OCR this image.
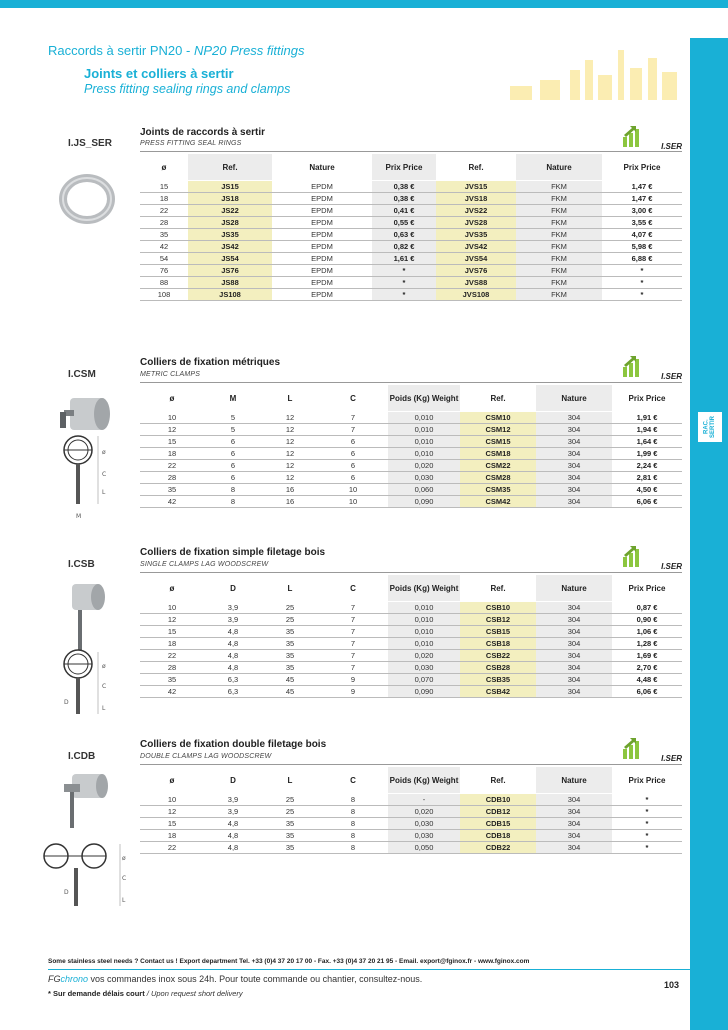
RAC. SERTIR
Raccords à sertir PN20 - NP20 Press fittings
Joints et colliers à sertir
Press fitting sealing rings and clamps
I.JS_SER
Joints de raccords à sertir
PRESS FITTING SEAL RINGS	I.SER
ø	Ref.	Nature	Prix Price	Ref.	Nature	Prix Price
15	JS15	EPDM	0,38 €	JVS15	FKM	1,47 €
18	JS18	EPDM	0,38 €	JVS18	FKM	1,47 €
22	JS22	EPDM	0,41 €	JVS22	FKM	3,00 €
28	JS28	EPDM	0,55 €	JVS28	FKM	3,55 €
35	JS35	EPDM	0,63 €	JVS35	FKM	4,07 €
42	JS42	EPDM	0,82 €	JVS42	FKM	5,98 €
54	JS54	EPDM	1,61 €	JVS54	FKM	6,88 €
76	JS76	EPDM	*	JVS76	FKM	*
88	JS88	EPDM	*	JVS88	FKM	*
108	JS108	EPDM	*	JVS108	FKM	*
I.CSM
Colliers de fixation métriques
METRIC CLAMPS	I.SER
ø
C
L
M
ø	M	L	C	Poids (Kg) Weight	Ref.	Nature	Prix Price
10	5	12	7	0,010	CSM10	304	1,91 €
12	5	12	7	0,010	CSM12	304	1,94 €
15	6	12	6	0,010	CSM15	304	1,64 €
18	6	12	6	0,010	CSM18	304	1,99 €
22	6	12	6	0,020	CSM22	304	2,24 €
28	6	12	6	0,030	CSM28	304	2,81 €
35	8	16	10	0,060	CSM35	304	4,50 €
42	8	16	10	0,090	CSM42	304	6,06 €
I.CSB
Colliers de fixation simple filetage bois
SINGLE CLAMPS LAG WOODSCREW	I.SER
ø
C
L
D
ø	D	L	C	Poids (Kg) Weight	Ref.	Nature	Prix Price
10	3,9	25	7	0,010	CSB10	304	0,87 €
12	3,9	25	7	0,010	CSB12	304	0,90 €
15	4,8	35	7	0,010	CSB15	304	1,06 €
18	4,8	35	7	0,010	CSB18	304	1,28 €
22	4,8	35	7	0,020	CSB22	304	1,69 €
28	4,8	35	7	0,030	CSB28	304	2,70 €
35	6,3	45	9	0,070	CSB35	304	4,48 €
42	6,3	45	9	0,090	CSB42	304	6,06 €
I.CDB
Colliers de fixation double filetage bois
DOUBLE CLAMPS LAG WOODSCREW	I.SER
ø
C
L
D
ø	D	L	C	Poids (Kg) Weight	Ref.	Nature	Prix Price
10	3,9	25	8	-	CDB10	304	*
12	3,9	25	8	0,020	CDB12	304	*
15	4,8	35	8	0,030	CDB15	304	*
18	4,8	35	8	0,030	CDB18	304	*
22	4,8	35	8	0,050	CDB22	304	*
Some stainless steel needs ? Contact us ! Export department Tel. +33 (0)4 37 20 17 00 - Fax. +33 (0)4 37 20 21 95 - Email. export@fginox.fr - www.fginox.com
FGchrono vos commandes inox sous 24h. Pour toute commande ou chantier, consultez-nous.
* Sur demande délais court / Upon request short delivery
103
